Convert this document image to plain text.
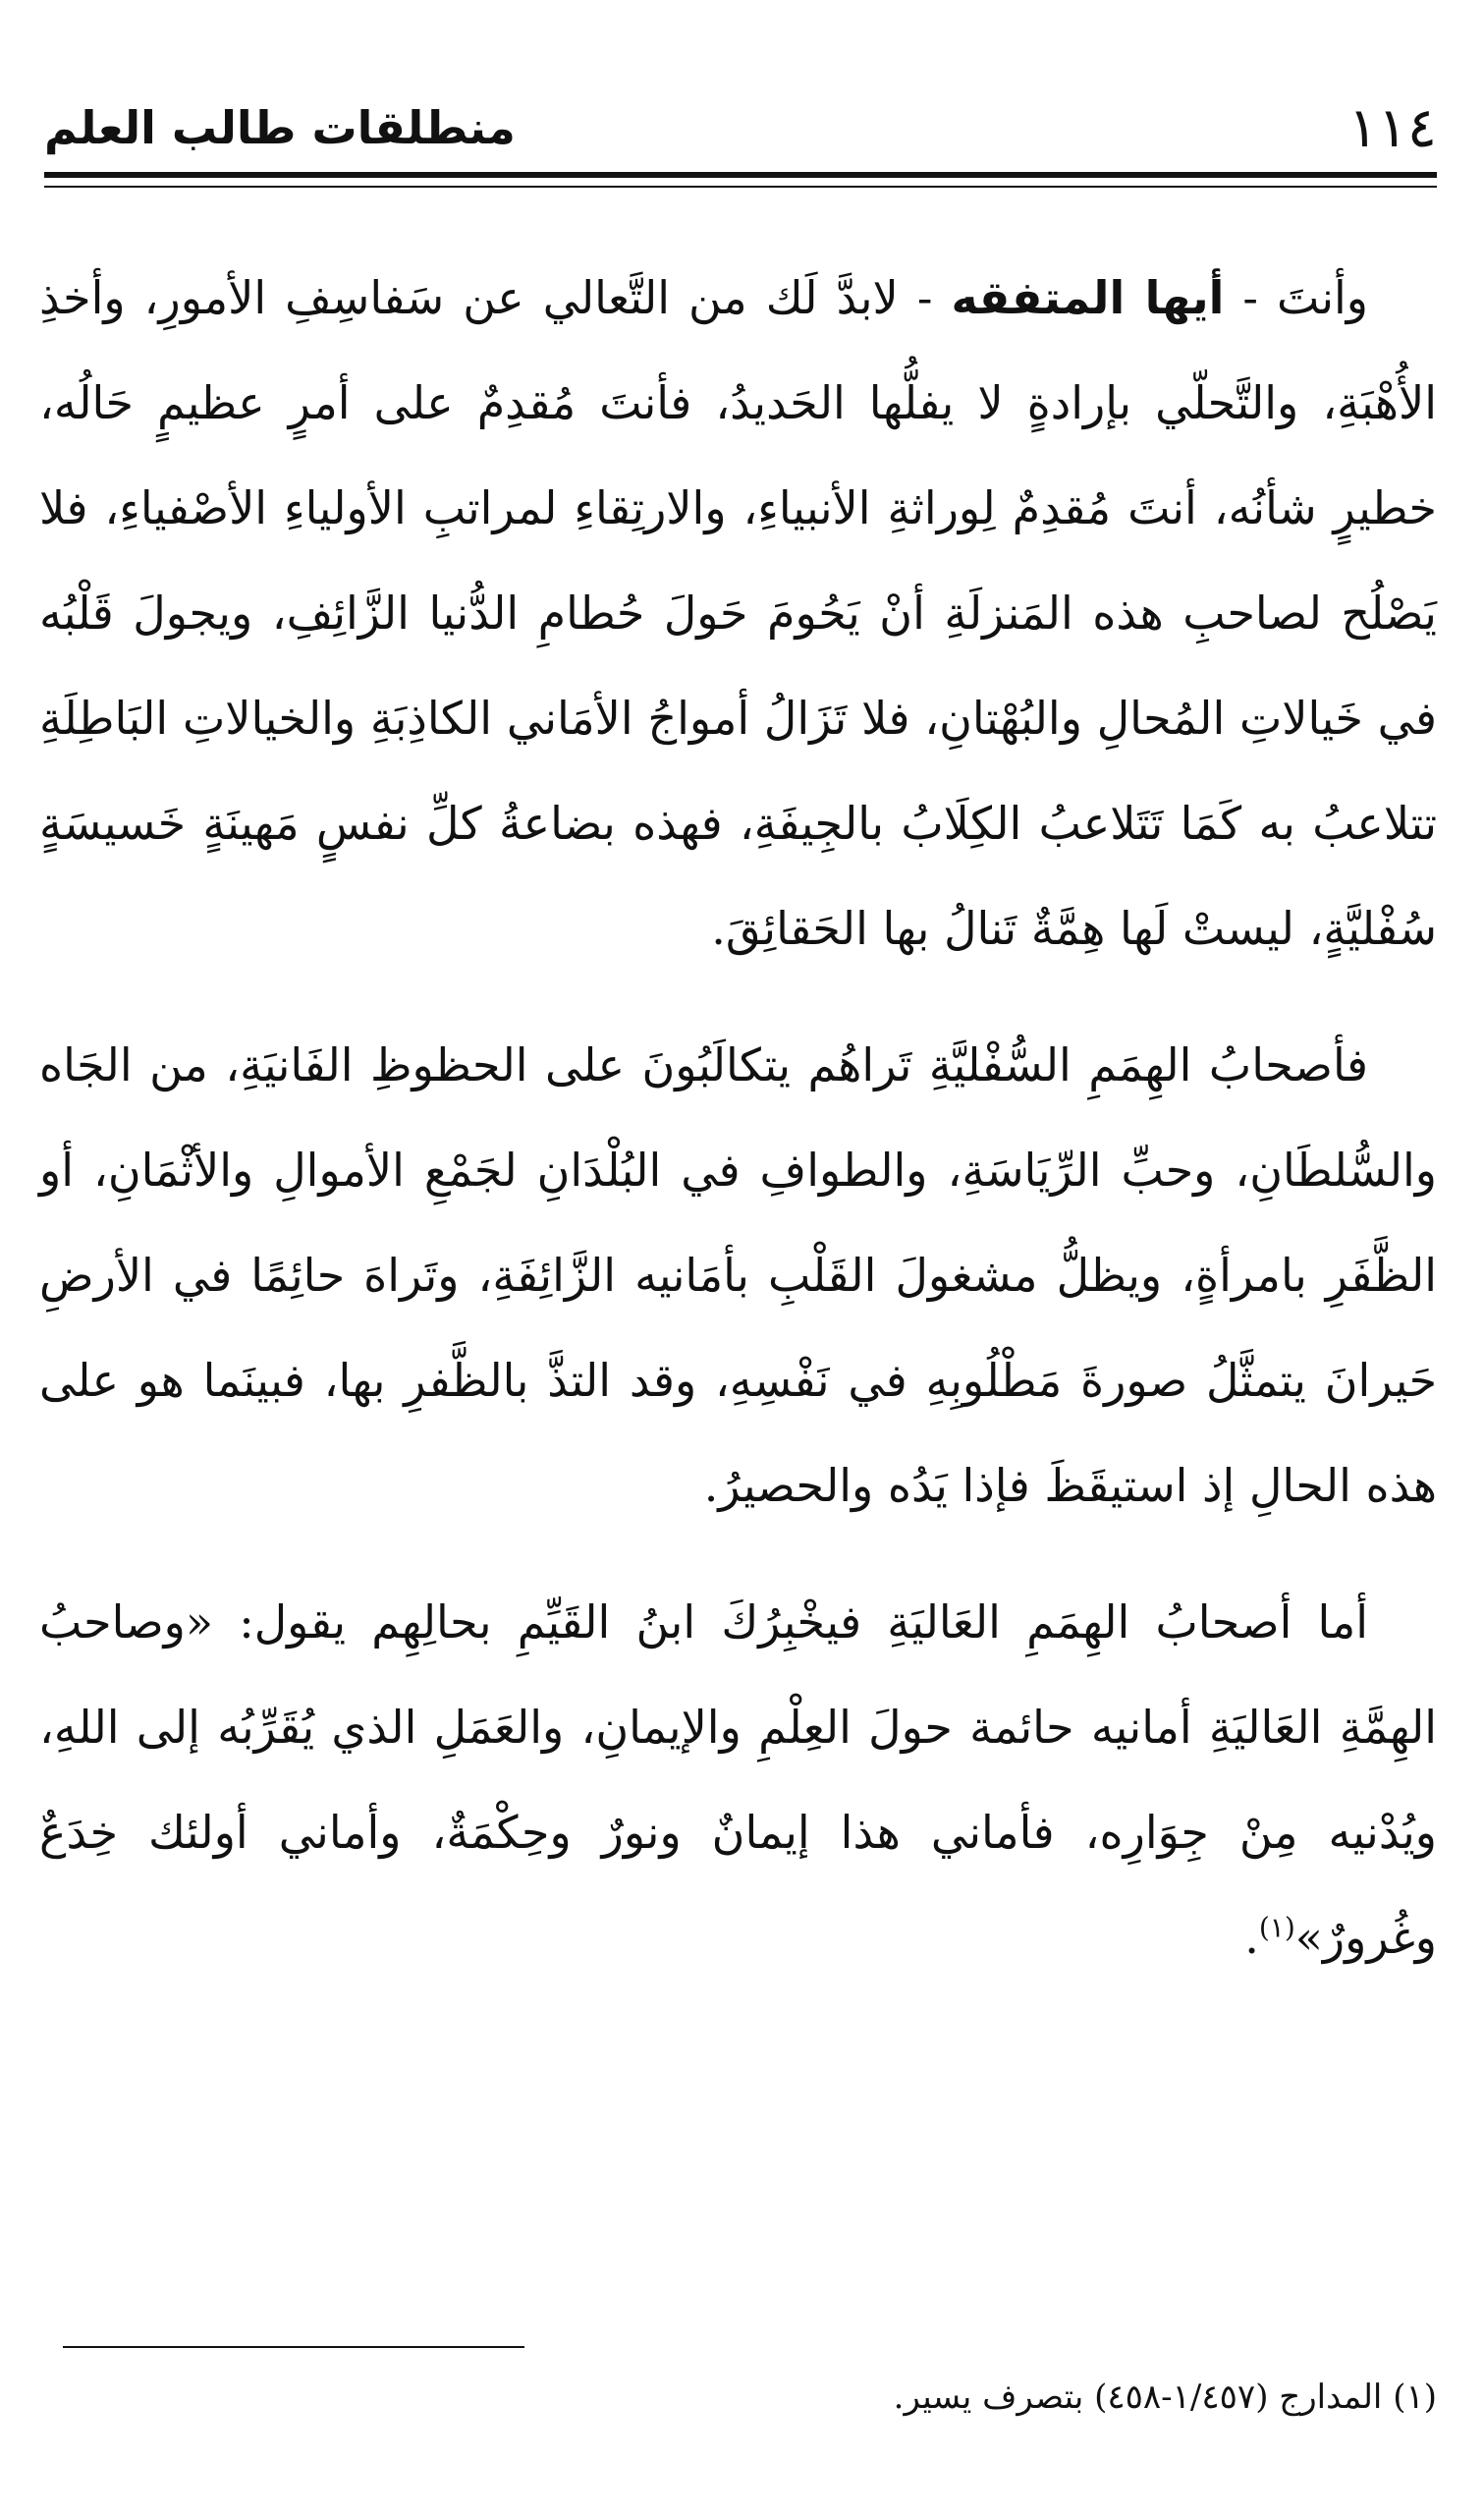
١١٤
منطلقات طالب العلم

وأنتَ - أيها المتفقه - لابدَّ لَك من التَّعالي عن سَفاسِفِ الأمورِ، وأخذِ الأُهْبَةِ، والتَّحلّي بإرادةٍ لا يفلُّها الحَديدُ، فأنتَ مُقدِمٌ على أمرٍ عظيمٍ حَالُه، خطيرٍ شأنُه، أنتَ مُقدِمٌ لِوراثةِ الأنبياءِ، والارتِقاءِ لمراتبِ الأولياءِ الأصْفياءِ، فلا يَصْلُح لصاحبِ هذه المَنزلَةِ أنْ يَحُومَ حَولَ حُطامِ الدُّنيا الزَّائِفِ، ويجولَ قَلْبُه في خَيالاتِ المُحالِ والبُهْتانِ، فلا تَزَالُ أمواجُ الأمَاني الكاذِبَةِ والخيالاتِ البَاطِلَةِ تتلاعبُ به كَمَا تَتَلاعبُ الكِلَابُ بالجِيفَةِ، فهذه بضاعةُ كلِّ نفسٍ مَهينَةٍ خَسيسَةٍ سُفْليَّةٍ، ليستْ لَها هِمَّةٌ تَنالُ بها الحَقائِقَ.

فأصحابُ الهِمَمِ السُّفْليَّةِ تَراهُم يتكالَبُونَ على الحظوظِ الفَانيَةِ، من الجَاه والسُّلطَانِ، وحبِّ الرِّيَاسَةِ، والطوافِ في البُلْدَانِ لجَمْعِ الأموالِ والأثْمَانِ، أو الظَّفَرِ بامرأةٍ، ويظلُّ مشغولَ القَلْبِ بأمَانيه الزَّائِفَةِ، وتَراهَ حائِمًا في الأرضِ حَيرانَ يتمثَّلُ صورةَ مَطْلُوبِهِ في نَفْسِهِ، وقد التذَّ بالظَّفرِ بها، فبينَما هو على هذه الحالِ إذ استيقَظَ فإذا يَدُه والحصيرُ.

أما أصحابُ الهِمَمِ العَاليَةِ فيخْبِرُكَ ابنُ القَيِّمِ بحالِهِم يقول: «وصاحبُ الهِمَّةِ العَاليَةِ أمانيه حائمة حولَ العِلْمِ والإيمانِ، والعَمَلِ الذي يُقَرِّبُه إلى اللهِ، ويُدْنيه مِنْ جِوَارِه، فأماني هذا إيمانٌ ونورٌ وحِكْمَةٌ، وأماني أولئك خِدَعٌ وغُرورٌ»$^{(١)}$.

(١) المدارج (١/٤٥٧-٤٥٨) بتصرف يسير.
